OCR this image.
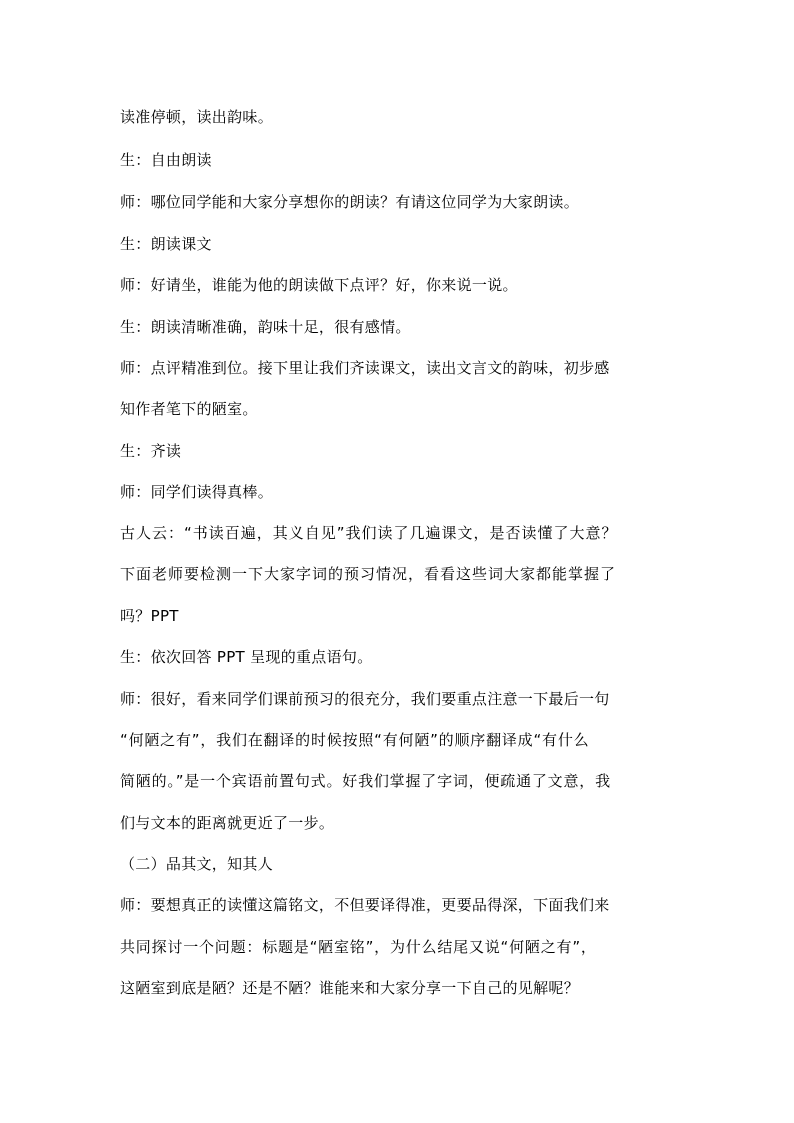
读准停顿，读出韵味。

生：自由朗读

师：哪位同学能和大家分享想你的朗读？有请这位同学为大家朗读。

生：朗读课文

师：好请坐，谁能为他的朗读做下点评？好，你来说一说。

生：朗读清晰准确，韵味十足，很有感情。

师：点评精准到位。接下里让我们齐读课文，读出文言文的韵味，初步感

知作者笔下的陋室。

生：齐读

师：同学们读得真棒。

古人云：“书读百遍，其义自见”我们读了几遍课文，是否读懂了大意？

下面老师要检测一下大家字词的预习情况，看看这些词大家都能掌握了

吗？PPT

生：依次回答 PPT 呈现的重点语句。

师：很好，看来同学们课前预习的很充分，我们要重点注意一下最后一句

“何陋之有”，我们在翻译的时候按照“有何陋”的顺序翻译成“有什么

简陋的。”是一个宾语前置句式。好我们掌握了字词，便疏通了文意，我

们与文本的距离就更近了一步。

（二）品其文，知其人

师：要想真正的读懂这篇铭文，不但要译得准，更要品得深，下面我们来

共同探讨一个问题：标题是“陋室铭”，为什么结尾又说“何陋之有”，

这陋室到底是陋？还是不陋？谁能来和大家分享一下自己的见解呢？
